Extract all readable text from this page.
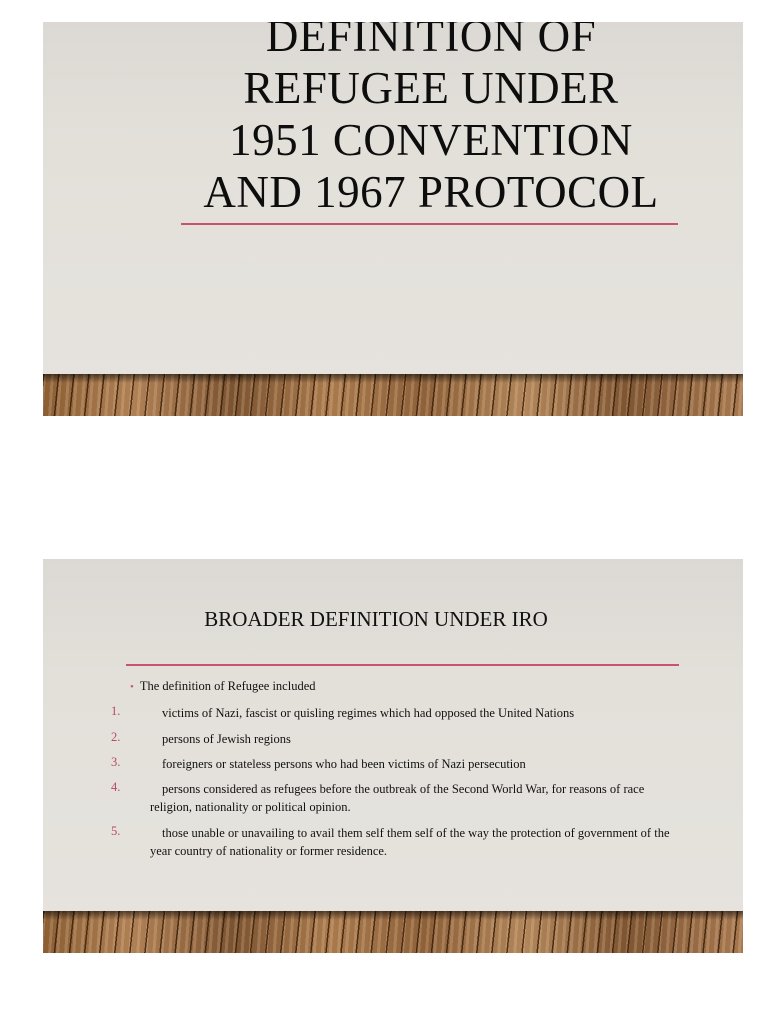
DEFINITION OF
REFUGEE UNDER
1951 CONVENTION
AND 1967 PROTOCOL
BROADER DEFINITION UNDER IRO
• The definition of Refugee included
1.	victims of Nazi, fascist or quisling regimes which had opposed the United Nations
2.	persons of Jewish regions
3.	foreigners or stateless persons who had been victims of Nazi persecution
4.	persons considered as refugees before the outbreak of the Second World War, for reasons of race religion, nationality or political opinion.
5.	those unable or unavailing to avail them self them self of the way the protection of government of the year country of nationality or former residence.
